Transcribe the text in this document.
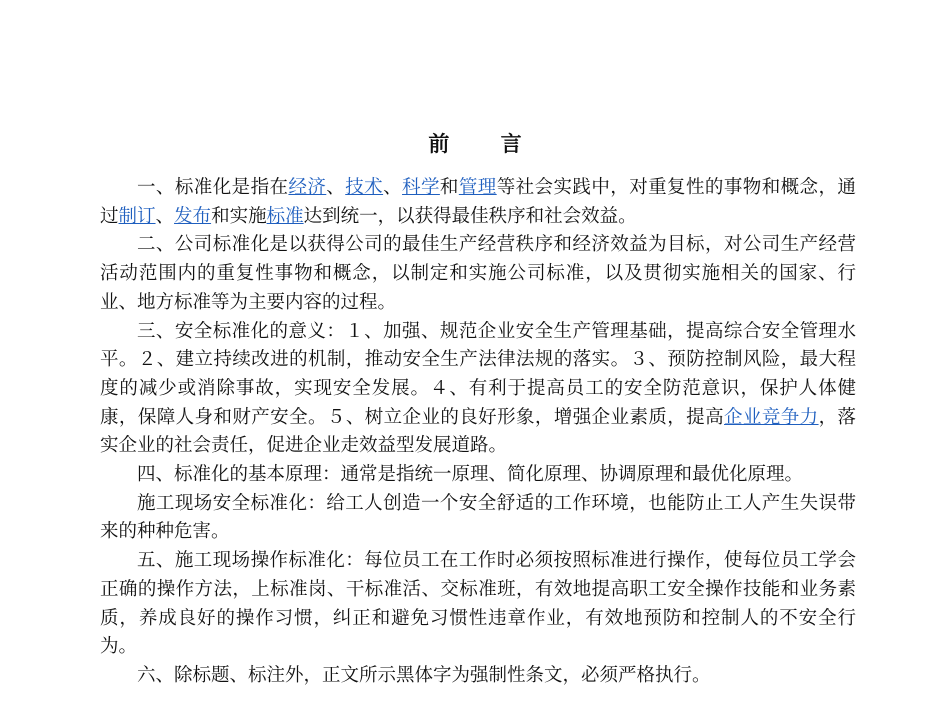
前 言

一、标准化是指在经济、技术、科学和管理等社会实践中，对重复性的事物和概念，通过制订、发布和实施标准达到统一，以获得最佳秩序和社会效益。

二、公司标准化是以获得公司的最佳生产经营秩序和经济效益为目标，对公司生产经营活动范围内的重复性事物和概念，以制定和实施公司标准，以及贯彻实施相关的国家、行业、地方标准等为主要内容的过程。

三、安全标准化的意义：１、加强、规范企业安全生产管理基础，提高综合安全管理水平。２、建立持续改进的机制，推动安全生产法律法规的落实。３、预防控制风险，最大程度的减少或消除事故，实现安全发展。４、有利于提高员工的安全防范意识，保护人体健康，保障人身和财产安全。５、树立企业的良好形象，增强企业素质，提高企业竞争力，落实企业的社会责任，促进企业走效益型发展道路。

四、标准化的基本原理：通常是指统一原理、简化原理、协调原理和最优化原理。

施工现场安全标准化：给工人创造一个安全舒适的工作环境，也能防止工人产生失误带来的种种危害。

五、施工现场操作标准化：每位员工在工作时必须按照标准进行操作，使每位员工学会正确的操作方法，上标准岗、干标准活、交标准班，有效地提高职工安全操作技能和业务素质，养成良好的操作习惯，纠正和避免习惯性违章作业，有效地预防和控制人的不安全行为。

六、除标题、标注外，正文所示黑体字为强制性条文，必须严格执行。
